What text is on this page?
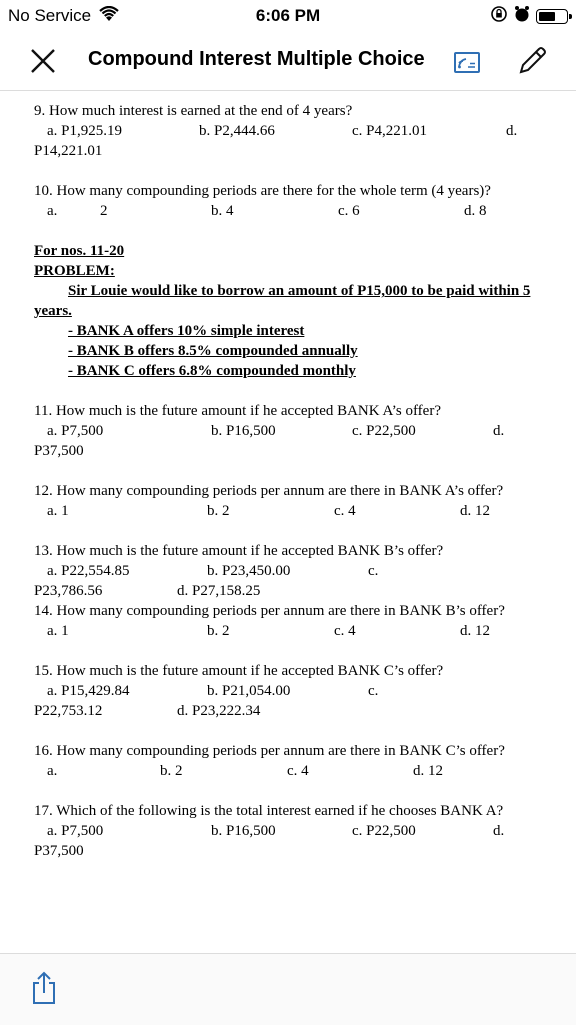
No Service	6:06 PM
Compound Interest Multiple Choice
9. How much interest is earned at the end of 4 years?
a. P1,925.19	b. P2,444.66	c. P4,221.01	d.
P14,221.01
10. How many compounding periods are there for the whole term (4 years)?
a.	2	b. 4	c. 6	d. 8
For nos. 11-20
PROBLEM:
Sir Louie would like to borrow an amount of P15,000 to be paid within 5 years.
- BANK A offers 10% simple interest
- BANK B offers 8.5% compounded annually
- BANK C offers 6.8% compounded monthly
11. How much is the future amount if he accepted BANK A’s offer?
a. P7,500	b. P16,500	c. P22,500	d.
P37,500
12. How many compounding periods per annum are there in BANK A’s offer?
a. 1	b. 2	c. 4	d. 12
13. How much is the future amount if he accepted BANK B’s offer?
a. P22,554.85	b. P23,450.00	c.
P23,786.56	d. P27,158.25
14. How many compounding periods per annum are there in BANK B’s offer?
a. 1	b. 2	c. 4	d. 12
15. How much is the future amount if he accepted BANK C’s offer?
a. P15,429.84	b. P21,054.00	c.
P22,753.12	d. P23,222.34
16. How many compounding periods per annum are there in BANK C’s offer?
a.	b. 2	c. 4	d. 12
17. Which of the following is the total interest earned if he chooses BANK A?
a. P7,500	b. P16,500	c. P22,500	d.
P37,500
